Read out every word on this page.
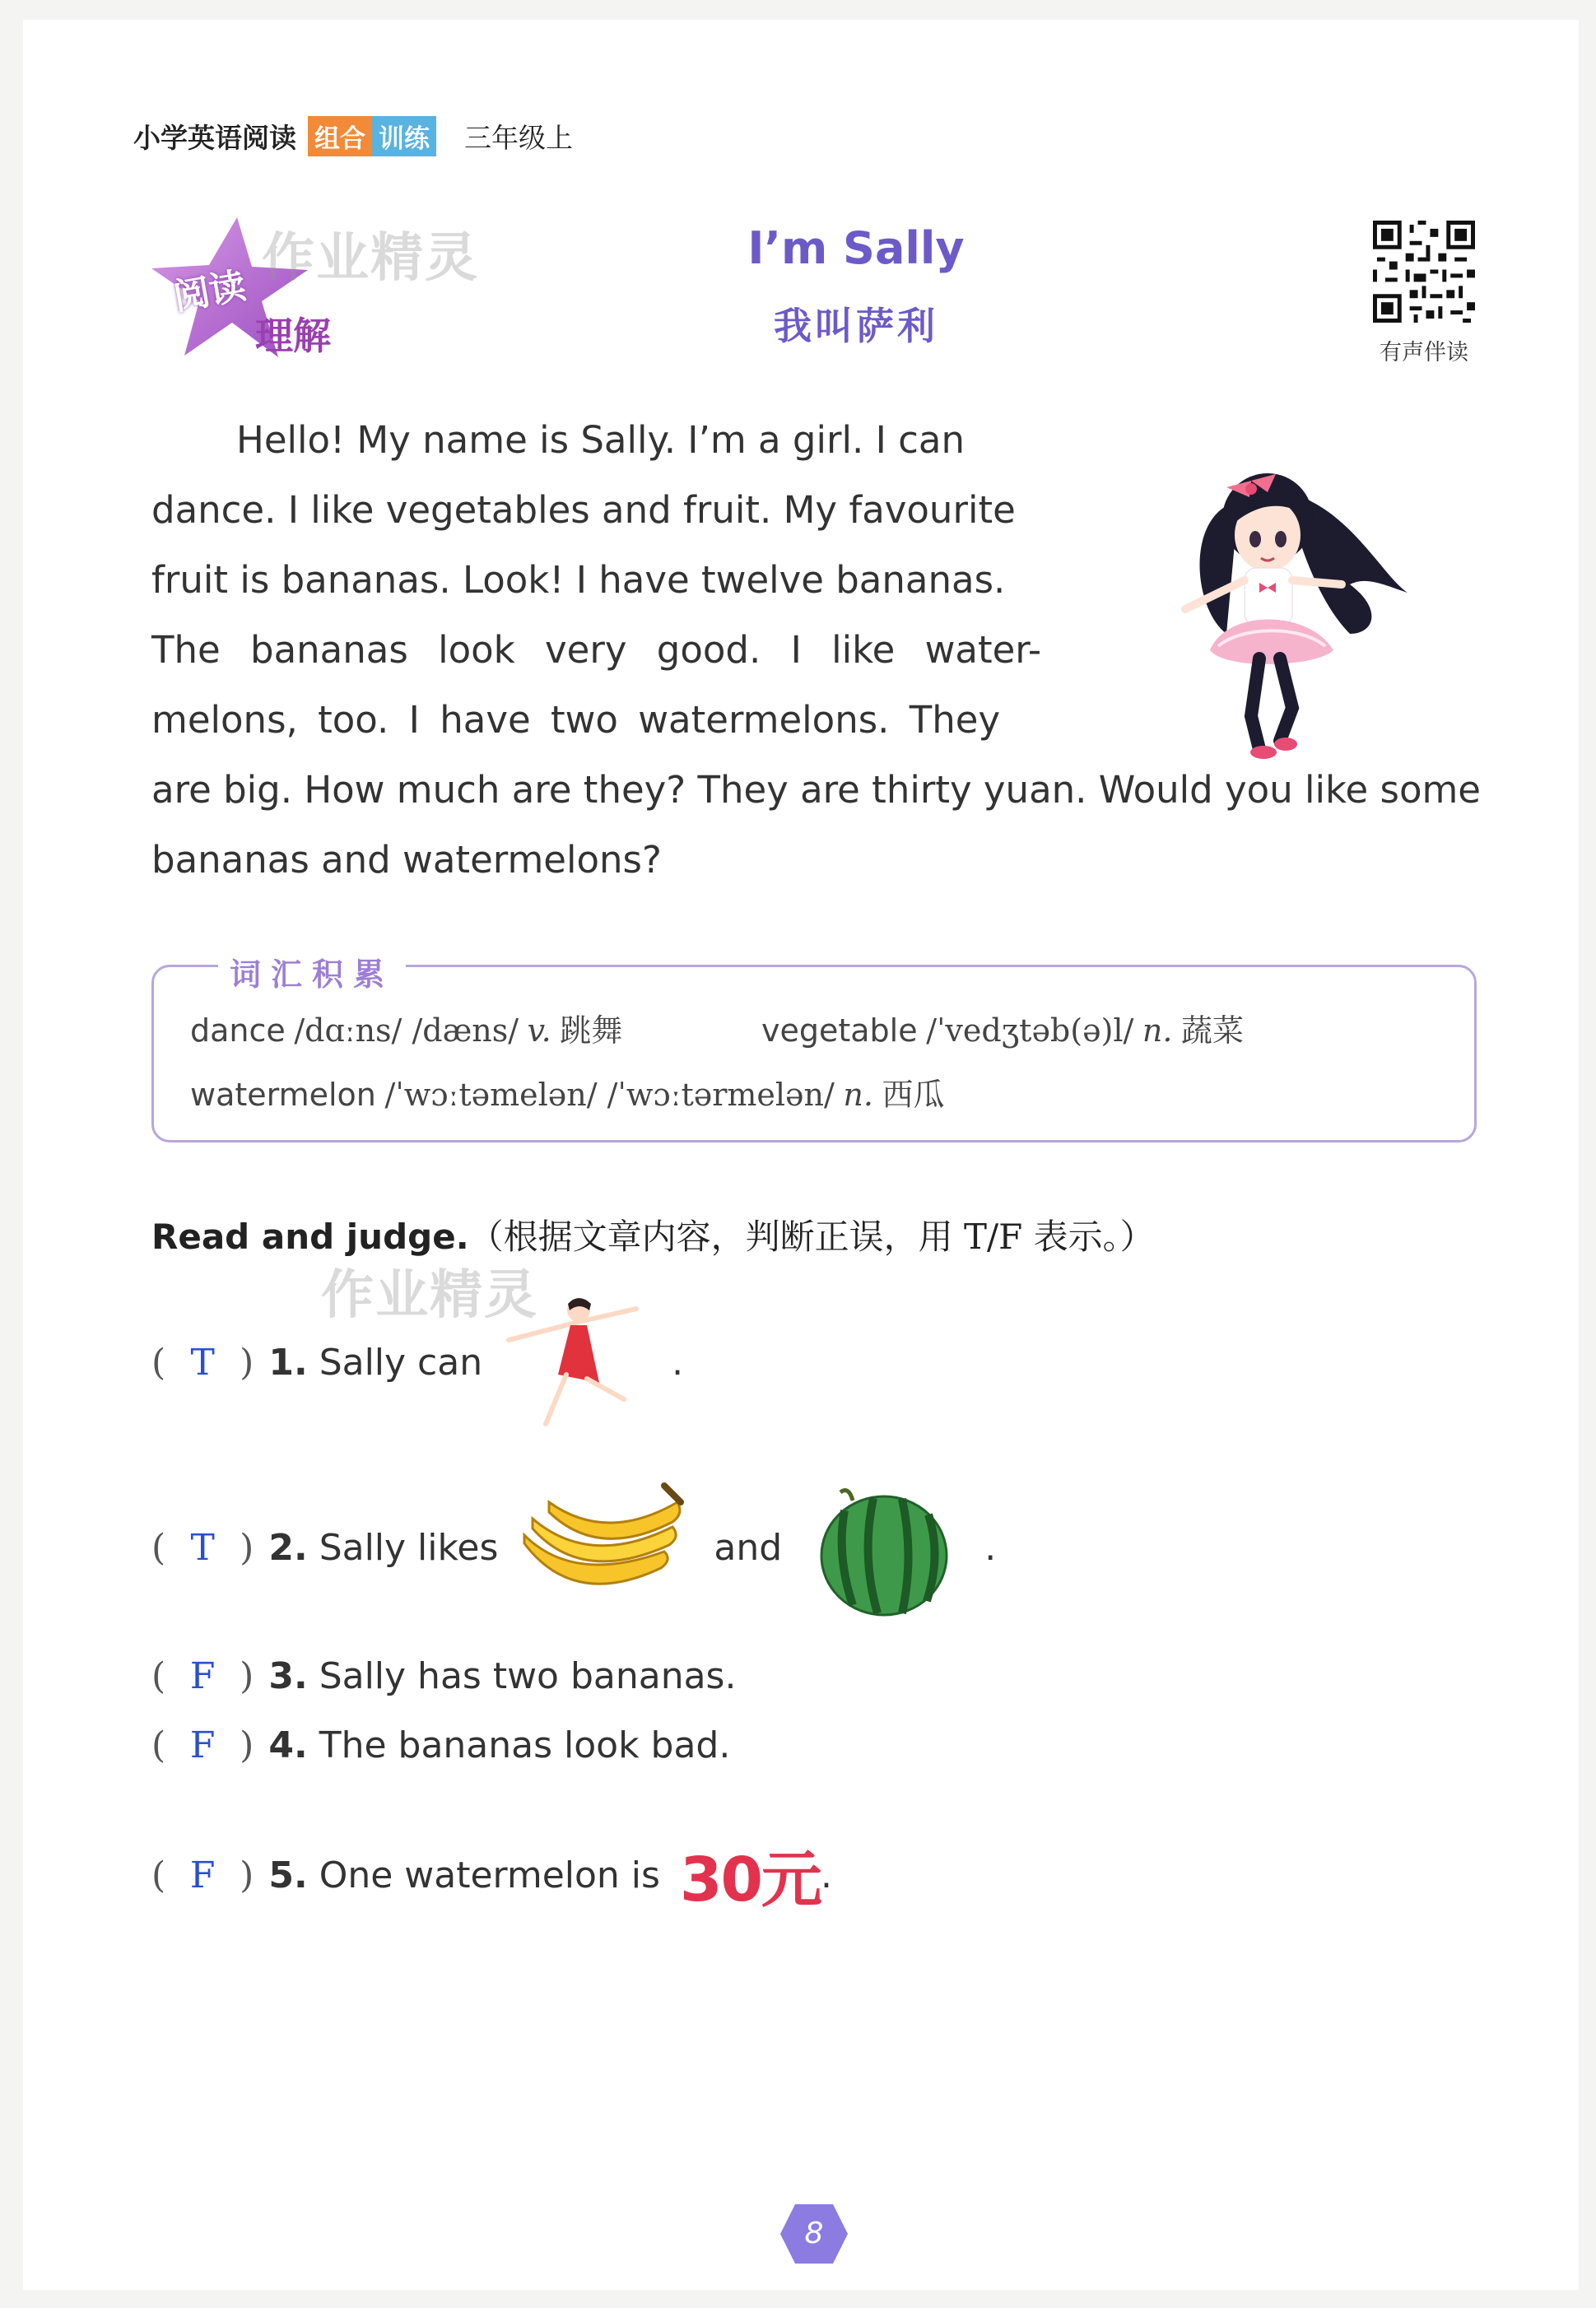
小学英语阅读 组合 训练 三年级上
阅读
理解
作业精灵	I’m Sally
我叫萨利
有声伴读
Hello! My name is Sally. I’m a girl. I can
dance. I like vegetables and fruit. My favourite
fruit is bananas. Look! I have twelve bananas.
The bananas look very good. I like water-
melons, too. I have two watermelons. They
are big. How much are they? They are thirty yuan. Would you like some
bananas and watermelons?
词汇积累
dance /dɑːns/ /dæns/ v. 跳舞	vegetable /ˈvedʒtəb(ə)l/ n. 蔬菜
watermelon /ˈwɔːtəmelən/ /ˈwɔːtərmelən/ n. 西瓜
Read and judge.（根据文章内容，判断正误，用 T/F 表示。）
作业精灵
( T ) 1. Sally can	.
( T ) 2. Sally likes	and	.
( F ) 3. Sally has two bananas.
( F ) 4. The bananas look bad.
( F ) 5. One watermelon is 30元 .
8
